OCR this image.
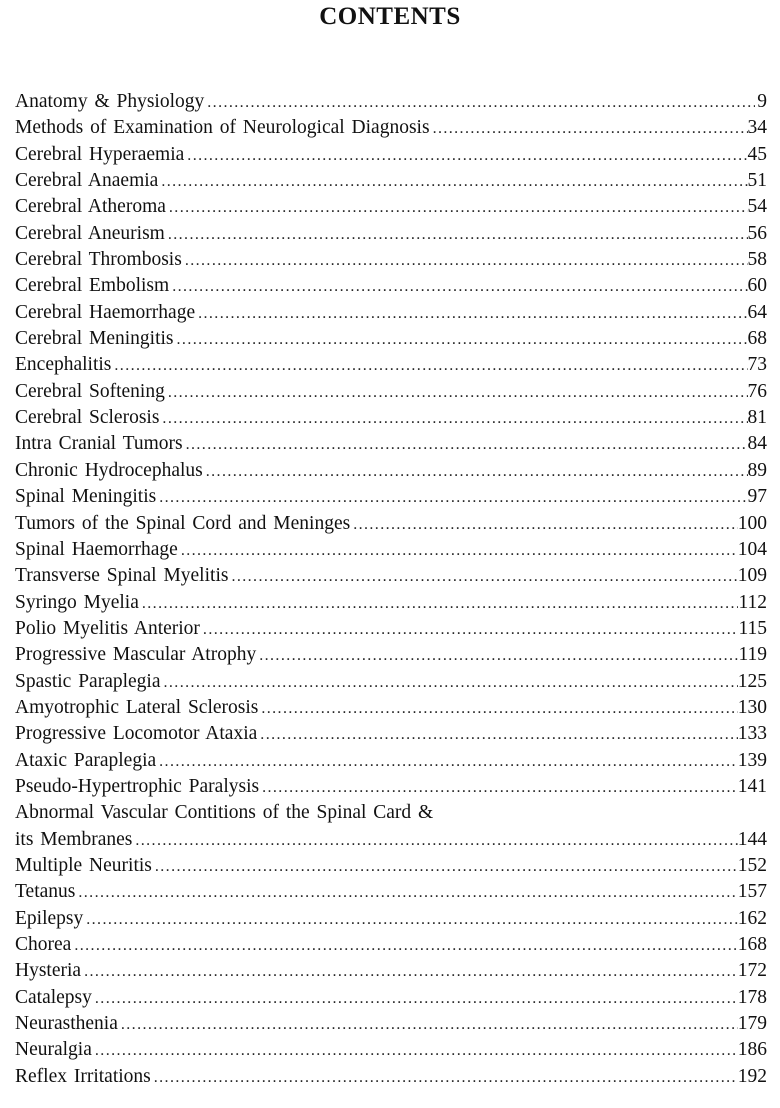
CONTENTS
Anatomy & Physiology .....	9
Methods of Examination of Neurological Diagnosis .....	34
Cerebral Hyperaemia .....	45
Cerebral Anaemia .....	51
Cerebral Atheroma .....	54
Cerebral Aneurism .....	56
Cerebral Thrombosis .....	58
Cerebral Embolism .....	60
Cerebral Haemorrhage .....	64
Cerebral Meningitis .....	68
Encephalitis .....	73
Cerebral Softening .....	76
Cerebral Sclerosis .....	81
Intra Cranial Tumors .....	84
Chronic Hydrocephalus .....	89
Spinal Meningitis .....	97
Tumors of the Spinal Cord and Meninges .....	100
Spinal Haemorrhage .....	104
Transverse Spinal Myelitis .....	109
Syringo Myelia .....	112
Polio Myelitis Anterior .....	115
Progressive Mascular Atrophy .....	119
Spastic Paraplegia .....	125
Amyotrophic Lateral Sclerosis .....	130
Progressive Locomotor Ataxia .....	133
Ataxic Paraplegia .....	139
Pseudo-Hypertrophic Paralysis .....	141
Abnormal Vascular Contitions of the Spinal Card &
its Membranes .....	144
Multiple Neuritis .....	152
Tetanus .....	157
Epilepsy .....	162
Chorea .....	168
Hysteria .....	172
Catalepsy .....	178
Neurasthenia .....	179
Neuralgia .....	186
Reflex Irritations .....	192
